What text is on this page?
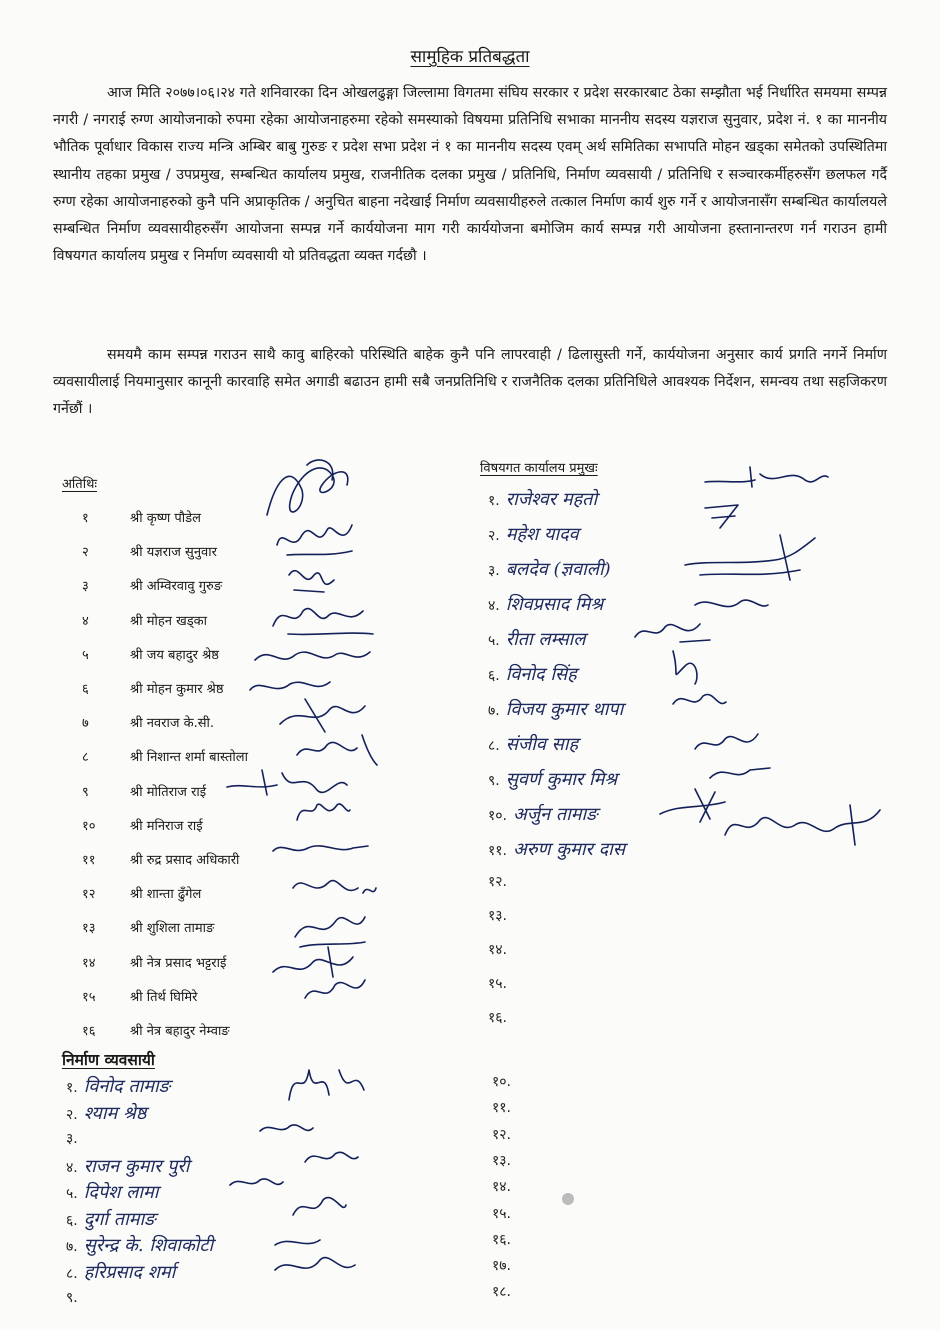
सामुहिक प्रतिबद्धता

आज मिति २०७७।०६।२४ गते शनिवारका दिन ओखलढुङ्गा जिल्लामा विगतमा संघिय सरकार र प्रदेश सरकारबाट ठेका सम्झौता भई निर्धारित समयमा सम्पन्न नगरी / नगराई रुग्ण आयोजनाको रुपमा रहेका आयोजनाहरुमा रहेको समस्याको विषयमा प्रतिनिधि सभाका माननीय सदस्य यज्ञराज सुनुवार, प्रदेश नं. १ का माननीय भौतिक पूर्वाधार विकास राज्य मन्त्रि अम्बिर बाबु गुरुङ र प्रदेश सभा प्रदेश नं १ का माननीय सदस्य एवम् अर्थ समितिका सभापति मोहन खड्का समेतको उपस्थितिमा स्थानीय तहका प्रमुख / उपप्रमुख, सम्बन्धित कार्यालय प्रमुख, राजनीतिक दलका प्रमुख / प्रतिनिधि, निर्माण व्यवसायी / प्रतिनिधि र सञ्चारकर्मीहरुसँग छलफल गर्दै रुग्ण रहेका आयोजनाहरुको कुनै पनि अप्राकृतिक / अनुचित बाहना नदेखाई निर्माण व्यवसायीहरुले तत्काल निर्माण कार्य शुरु गर्ने र आयोजनासँग सम्बन्धित कार्यालयले सम्बन्धित निर्माण व्यवसायीहरुसँग आयोजना सम्पन्न गर्ने कार्ययोजना माग गरी कार्ययोजना बमोजिम कार्य सम्पन्न गरी आयोजना हस्तानान्तरण गर्न गराउन हामी विषयगत कार्यालय प्रमुख र निर्माण व्यवसायी यो प्रतिवद्धता व्यक्त गर्दछौ ।

समयमै काम सम्पन्न गराउन साथै कावु बाहिरको परिस्थिति बाहेक कुनै पनि लापरवाही / ढिलासुस्ती गर्ने, कार्ययोजना अनुसार कार्य प्रगति नगर्ने निर्माण व्यवसायीलाई नियमानुसार कानूनी कारवाहि समेत अगाडी बढाउन हामी सबै जनप्रतिनिधि र राजनैतिक दलका प्रतिनिधिले आवश्यक निर्देशन, समन्वय तथा सहजिकरण गर्नेछौं ।

अतिथिः
१	श्री कृष्ण पौडेल
२	श्री यज्ञराज सुनुवार
३	श्री अम्विरवावु गुरुङ
४	श्री मोहन खड्का
५	श्री जय बहादुर श्रेष्ठ
६	श्री मोहन कुमार श्रेष्ठ
७	श्री नवराज के.सी.
८	श्री निशान्त शर्मा बास्तोला
९	श्री मोतिराज राई
१०	श्री मनिराज राई
११	श्री रुद्र प्रसाद अधिकारी
१२	श्री शान्ता ढुँगेल
१३	श्री शुशिला तामाङ
१४	श्री नेत्र प्रसाद भट्टराई
१५	श्री तिर्थ घिमिरे
१६	श्री नेत्र बहादुर नेम्वाङ
विषयगत कार्यालय प्रमुखः
१. राजेश्वर महतो
२. महेश यादव
३. बलदेव (ज्ञवाली)
४. शिवप्रसाद मिश्र
५. रीता लम्साल
६. विनोद सिंह
७. विजय कुमार थापा
८. संजीव साह
९. सुवर्ण कुमार मिश्र
१०. अर्जुन तामाङ
११. अरुण कुमार दास
१२.
१३.
१४.
१५.
१६.
निर्माण व्यवसायी
१. विनोद तामाङ
२. श्याम श्रेष्ठ
३.
४. राजन कुमार पुरी
५. दिपेश लामा
६. दुर्गा तामाङ
७. सुरेन्द्र के. शिवाकोटी
८. हरिप्रसाद शर्मा
९.
१०.
११.
१२.
१३.
१४.
१५.
१६.
१७.
१८.
